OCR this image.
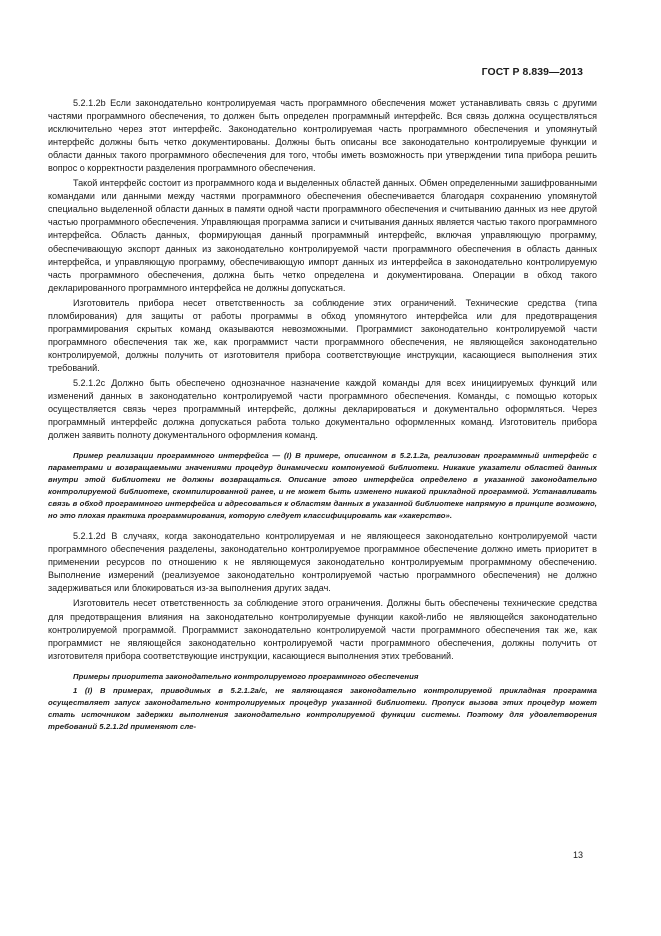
ГОСТ Р 8.839—2013

5.2.1.2b Если законодательно контролируемая часть программного обеспечения может устанавливать связь с другими частями программного обеспечения, то должен быть определен программный интерфейс. Вся связь должна осуществляться исключительно через этот интерфейс. Законодательно контролируемая часть программного обеспечения и упомянутый интерфейс должны быть четко документированы. Должны быть описаны все законодательно контролируемые функции и области данных такого программного обеспечения для того, чтобы иметь возможность при утверждении типа прибора решить вопрос о корректности разделения программного обеспечения.

Такой интерфейс состоит из программного кода и выделенных областей данных. Обмен определенными зашифрованными командами или данными между частями программного обеспечения обеспечивается благодаря сохранению упомянутой специально выделенной области данных в памяти одной части программного обеспечения и считыванию данных из нее другой частью программного обеспечения. Управляющая программа записи и считывания данных является частью такого программного интерфейса. Область данных, формирующая данный программный интерфейс, включая управляющую программу, обеспечивающую экспорт данных из законодательно контролируемой части программного обеспечения в область данных интерфейса, и управляющую программу, обеспечивающую импорт данных из интерфейса в законодательно контролируемую часть программного обеспечения, должна быть четко определена и документирована. Операции в обход такого декларированного программного интерфейса не должны допускаться.

Изготовитель прибора несет ответственность за соблюдение этих ограничений. Технические средства (типа пломбирования) для защиты от работы программы в обход упомянутого интерфейса или для предотвращения программирования скрытых команд оказываются невозможными. Программист законодательно контролируемой части программного обеспечения так же, как программист части программного обеспечения, не являющейся законодательно контролируемой, должны получить от изготовителя прибора соответствующие инструкции, касающиеся выполнения этих требований.

5.2.1.2c Должно быть обеспечено однозначное назначение каждой команды для всех инициируемых функций или изменений данных в законодательно контролируемой части программного обеспечения. Команды, с помощью которых осуществляется связь через программный интерфейс, должны декларироваться и документально оформляться. Через программный интерфейс должна допускаться работа только документально оформленных команд. Изготовитель прибора должен заявить полноту документального оформления команд.

Пример реализации программного интерфейса — (I) В примере, описанном в 5.2.1.2a, реализован программный интерфейс с параметрами и возвращаемыми значениями процедур динамически компонуемой библиотеки. Никакие указатели областей данных внутри этой библиотеки не должны возвращаться. Описание этого интерфейса определено в указанной законодательно контролируемой библиотеке, скомпилированной ранее, и не может быть изменено никакой прикладной программой. Устанавливать связь в обход программного интерфейса и адресоваться к областям данных в указанной библиотеке напрямую в принципе возможно, но это плохая практика программирования, которую следует классифицировать как «хакерство».

5.2.1.2d В случаях, когда законодательно контролируемая и не являющееся законодательно контролируемой части программного обеспечения разделены, законодательно контролируемое программное обеспечение должно иметь приоритет в применении ресурсов по отношению к не являющемуся законодательно контролируемым программному обеспечению. Выполнение измерений (реализуемое законодательно контролируемой частью программного обеспечения) не должно задерживаться или блокироваться из-за выполнения других задач.

Изготовитель несет ответственность за соблюдение этого ограничения. Должны быть обеспечены технические средства для предотвращения влияния на законодательно контролируемые функции какой-либо не являющейся законодательно контролируемой программой. Программист законодательно контролируемой части программного обеспечения так же, как программист не являющейся законодательно контролируемой части программного обеспечения, должны получить от изготовителя прибора соответствующие инструкции, касающиеся выполнения этих требований.

Примеры приоритета законодательно контролируемого программного обеспечения

1 (I) В примерах, приводимых в 5.2.1.2a/c, не являющаяся законодательно контролируемой прикладная программа осуществляет запуск законодательно контролируемых процедур указанной библиотеки. Пропуск вызова этих процедур может стать источником задержки выполнения законодательно контролируемой функции системы. Поэтому для удовлетворения требований 5.2.1.2d применяют сле-

13
